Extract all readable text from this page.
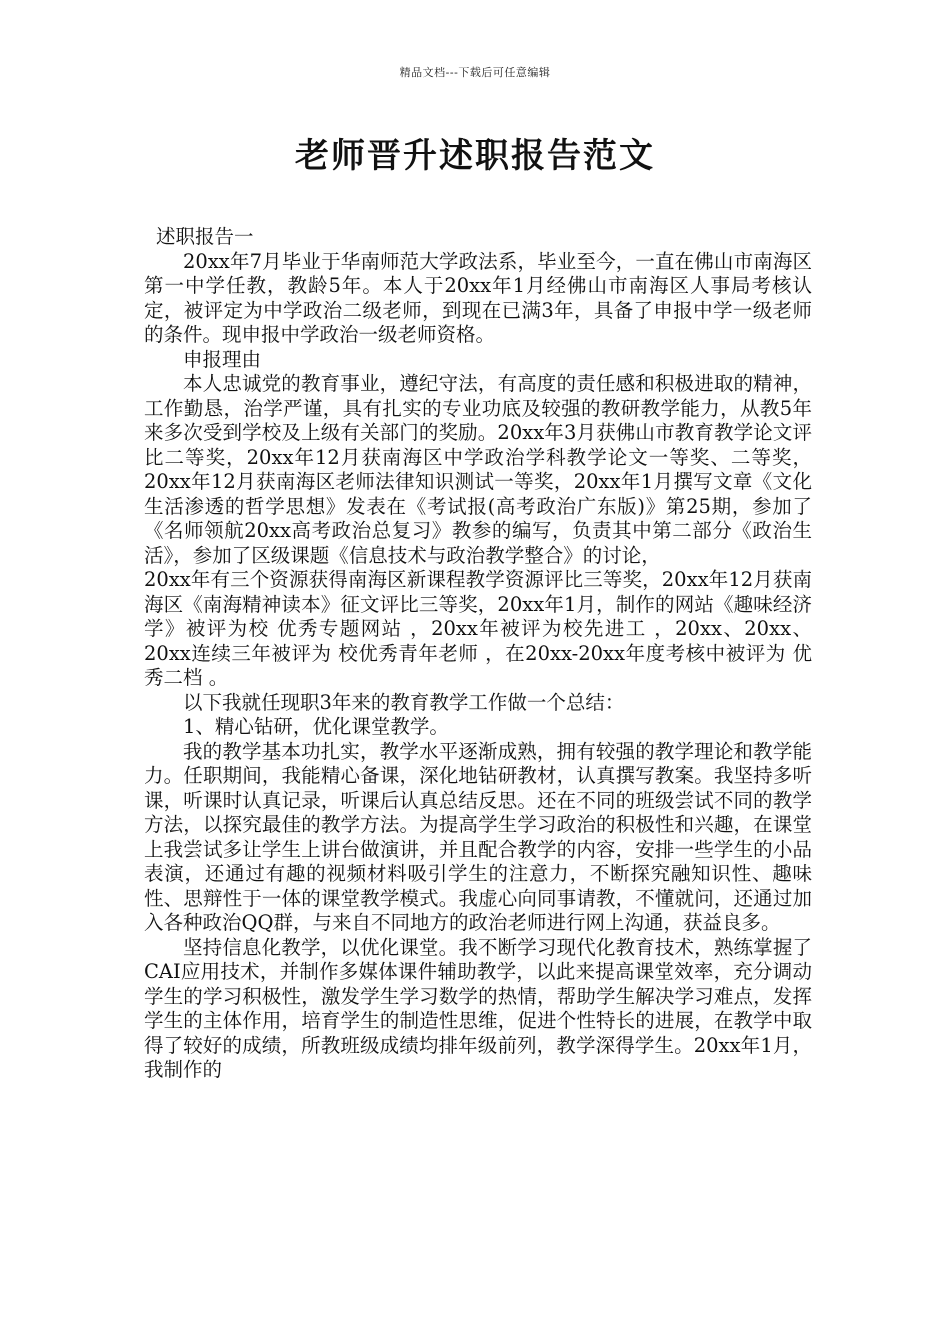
精品文档---下载后可任意编辑
老师晋升述职报告范文

述职报告一

20xx年7月毕业于华南师范大学政法系，毕业至今，一直在佛山市南海区第一中学任教，教龄5年。本人于20xx年1月经佛山市南海区人事局考核认定，被评定为中学政治二级老师，到现在已满3年，具备了申报中学一级老师的条件。现申报中学政治一级老师资格。

申报理由

本人忠诚党的教育事业，遵纪守法，有高度的责任感和积极进取的精神，工作勤恳，治学严谨，具有扎实的专业功底及较强的教研教学能力，从教5年来多次受到学校及上级有关部门的奖励。20xx年3月获佛山市教育教学论文评比二等奖，20xx年12月获南海区中学政治学科教学论文一等奖、二等奖，20xx年12月获南海区老师法律知识测试一等奖，20xx年1月撰写文章《文化生活渗透的哲学思想》发表在《考试报(高考政治广东版)》第25期，参加了《名师领航20xx高考政治总复习》教参的编写，负责其中第二部分《政治生活》，参加了区级课题《信息技术与政治教学整合》的讨论，

20xx年有三个资源获得南海区新课程教学资源评比三等奖，20xx年12月获南海区《南海精神读本》征文评比三等奖，20xx年1月，制作的网站《趣味经济学》被评为校 优秀专题网站 ，20xx年被评为校先进工 ，20xx、20xx、20xx连续三年被评为 校优秀青年老师 ，在20xx-20xx年度考核中被评为 优秀二档 。

以下我就任现职3年来的教育教学工作做一个总结：

1、精心钻研，优化课堂教学。

我的教学基本功扎实，教学水平逐渐成熟，拥有较强的教学理论和教学能力。任职期间，我能精心备课，深化地钻研教材，认真撰写教案。我坚持多听课，听课时认真记录，听课后认真总结反思。还在不同的班级尝试不同的教学方法，以探究最佳的教学方法。为提高学生学习政治的积极性和兴趣，在课堂上我尝试多让学生上讲台做演讲，并且配合教学的内容，安排一些学生的小品表演，还通过有趣的视频材料吸引学生的注意力，不断探究融知识性、趣味性、思辩性于一体的课堂教学模式。我虚心向同事请教，不懂就问，还通过加入各种政治QQ群，与来自不同地方的政治老师进行网上沟通，获益良多。

坚持信息化教学，以优化课堂。我不断学习现代化教育技术，熟练掌握了CAI应用技术，并制作多媒体课件辅助教学，以此来提高课堂效率，充分调动学生的学习积极性，激发学生学习数学的热情，帮助学生解决学习难点，发挥学生的主体作用，培育学生的制造性思维，促进个性特长的进展，在教学中取得了较好的成绩，所教班级成绩均排年级前列，教学深得学生。20xx年1月，我制作的
